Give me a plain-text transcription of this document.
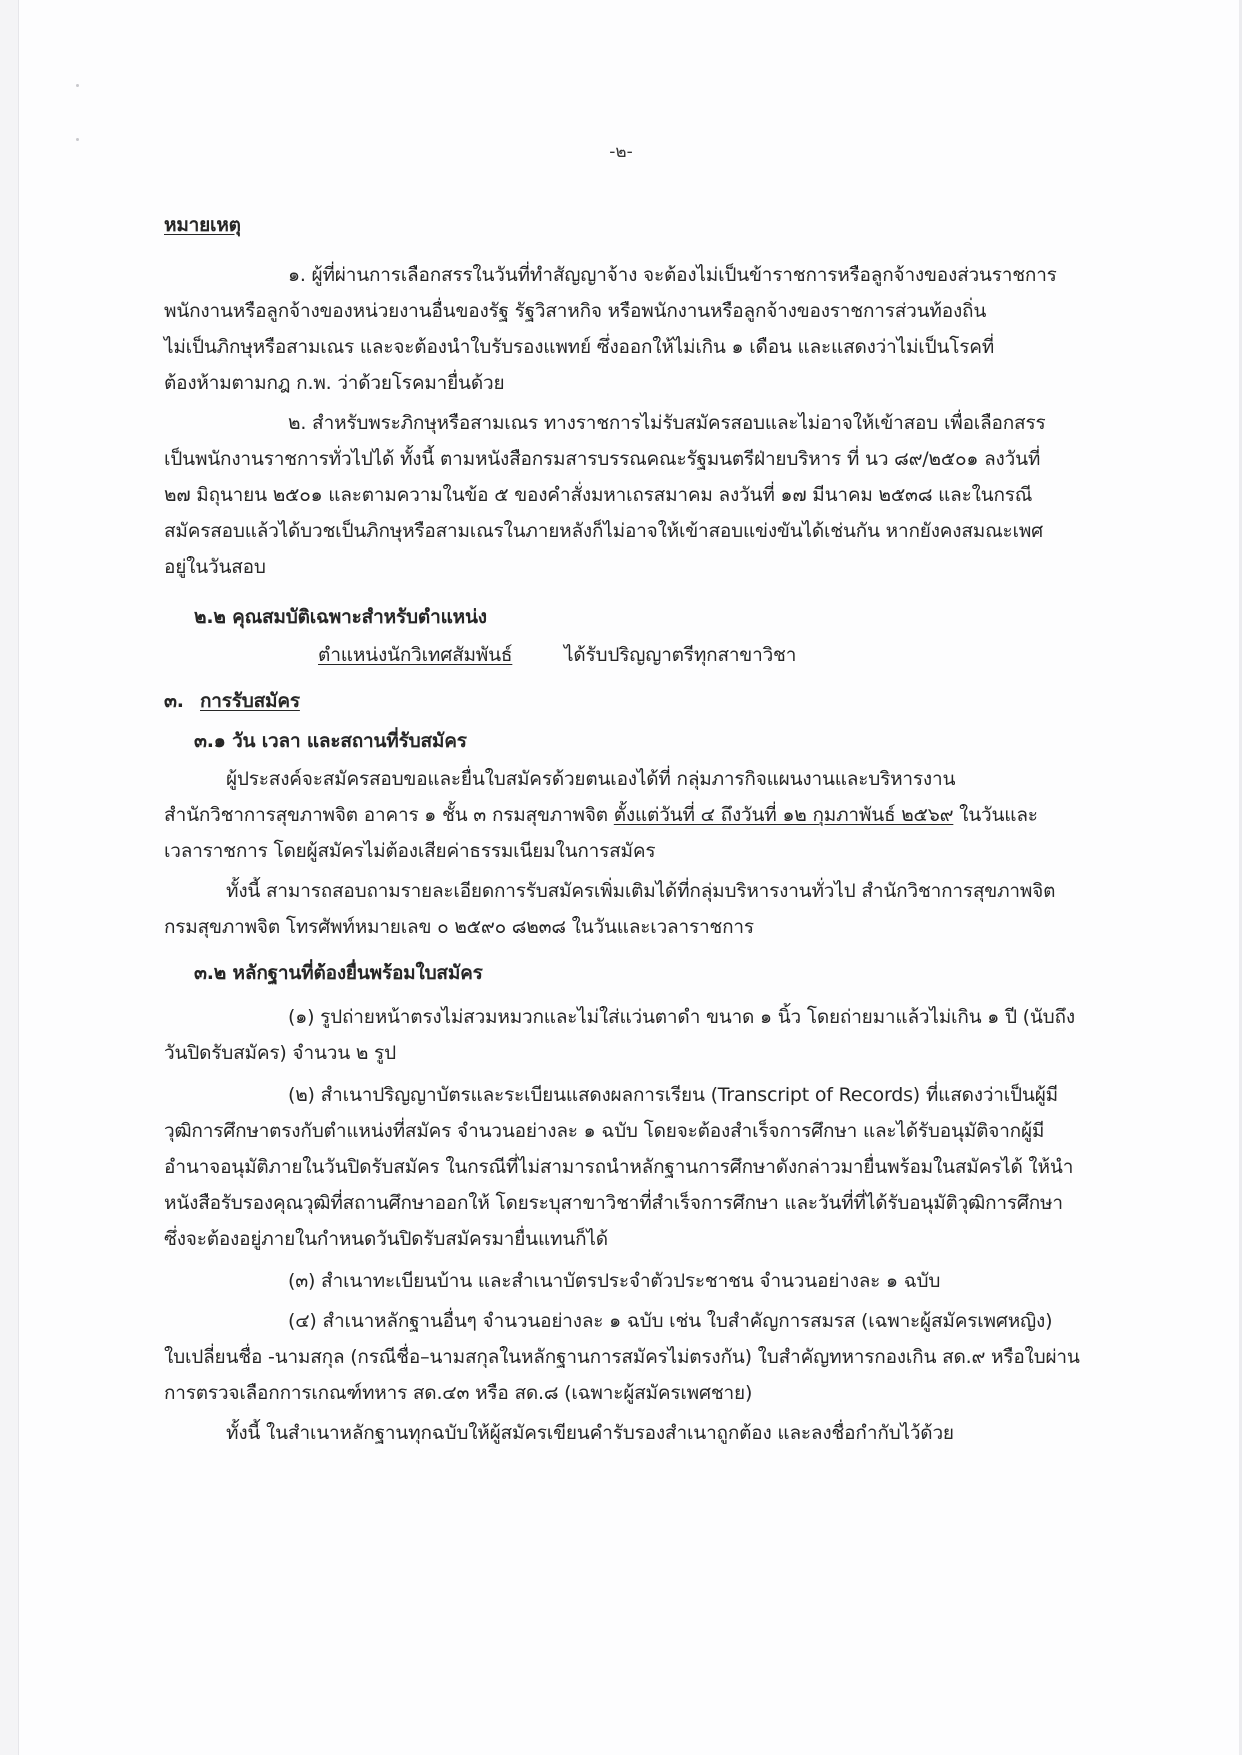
-๒-
หมายเหตุ
๑. ผู้ที่ผ่านการเลือกสรรในวันที่ทำสัญญาจ้าง จะต้องไม่เป็นข้าราชการหรือลูกจ้างของส่วนราชการ
พนักงานหรือลูกจ้างของหน่วยงานอื่นของรัฐ รัฐวิสาหกิจ หรือพนักงานหรือลูกจ้างของราชการส่วนท้องถิ่น
ไม่เป็นภิกษุหรือสามเณร และจะต้องนำใบรับรองแพทย์ ซึ่งออกให้ไม่เกิน ๑ เดือน และแสดงว่าไม่เป็นโรคที่
ต้องห้ามตามกฎ ก.พ. ว่าด้วยโรคมายื่นด้วย
๒. สำหรับพระภิกษุหรือสามเณร ทางราชการไม่รับสมัครสอบและไม่อาจให้เข้าสอบ เพื่อเลือกสรร
เป็นพนักงานราชการทั่วไปได้ ทั้งนี้ ตามหนังสือกรมสารบรรณคณะรัฐมนตรีฝ่ายบริหาร ที่ นว ๘๙/๒๕๐๑ ลงวันที่
๒๗ มิถุนายน ๒๕๐๑ และตามความในข้อ ๕ ของคำสั่งมหาเถรสมาคม ลงวันที่ ๑๗ มีนาคม ๒๕๓๘ และในกรณี
สมัครสอบแล้วได้บวชเป็นภิกษุหรือสามเณรในภายหลังก็ไม่อาจให้เข้าสอบแข่งขันได้เช่นกัน หากยังคงสมณะเพศ
อยู่ในวันสอบ
๒.๒ คุณสมบัติเฉพาะสำหรับตำแหน่ง
ตำแหน่งนักวิเทศสัมพันธ์	ได้รับปริญญาตรีทุกสาขาวิชา
๓. การรับสมัคร
๓.๑ วัน เวลา และสถานที่รับสมัคร
ผู้ประสงค์จะสมัครสอบขอและยื่นใบสมัครด้วยตนเองได้ที่ กลุ่มภารกิจแผนงานและบริหารงาน
สำนักวิชาการสุขภาพจิต อาคาร ๑ ชั้น ๓ กรมสุขภาพจิต ตั้งแต่วันที่ ๔ ถึงวันที่ ๑๒ กุมภาพันธ์ ๒๕๖๙ ในวันและ
เวลาราชการ โดยผู้สมัครไม่ต้องเสียค่าธรรมเนียมในการสมัคร
ทั้งนี้ สามารถสอบถามรายละเอียดการรับสมัครเพิ่มเติมได้ที่กลุ่มบริหารงานทั่วไป สำนักวิชาการสุขภาพจิต
กรมสุขภาพจิต โทรศัพท์หมายเลข ๐ ๒๕๙๐ ๘๒๓๘ ในวันและเวลาราชการ
๓.๒ หลักฐานที่ต้องยื่นพร้อมใบสมัคร
(๑) รูปถ่ายหน้าตรงไม่สวมหมวกและไม่ใส่แว่นตาดำ ขนาด ๑ นิ้ว โดยถ่ายมาแล้วไม่เกิน ๑ ปี (นับถึง
วันปิดรับสมัคร) จำนวน ๒ รูป
(๒) สำเนาปริญญาบัตรและระเบียนแสดงผลการเรียน (Transcript of Records) ที่แสดงว่าเป็นผู้มี
วุฒิการศึกษาตรงกับตำแหน่งที่สมัคร จำนวนอย่างละ ๑ ฉบับ โดยจะต้องสำเร็จการศึกษา และได้รับอนุมัติจากผู้มี
อำนาจอนุมัติภายในวันปิดรับสมัคร ในกรณีที่ไม่สามารถนำหลักฐานการศึกษาดังกล่าวมายื่นพร้อมในสมัครได้ ให้นำ
หนังสือรับรองคุณวุฒิที่สถานศึกษาออกให้ โดยระบุสาขาวิชาที่สำเร็จการศึกษา และวันที่ที่ได้รับอนุมัติวุฒิการศึกษา
ซึ่งจะต้องอยู่ภายในกำหนดวันปิดรับสมัครมายื่นแทนก็ได้
(๓) สำเนาทะเบียนบ้าน และสำเนาบัตรประจำตัวประชาชน จำนวนอย่างละ ๑ ฉบับ
(๔) สำเนาหลักฐานอื่นๆ จำนวนอย่างละ ๑ ฉบับ เช่น ใบสำคัญการสมรส (เฉพาะผู้สมัครเพศหญิง)
ใบเปลี่ยนชื่อ -นามสกุล (กรณีชื่อ–นามสกุลในหลักฐานการสมัครไม่ตรงกัน) ใบสำคัญทหารกองเกิน สด.๙ หรือใบผ่าน
การตรวจเลือกการเกณฑ์ทหาร สด.๔๓ หรือ สด.๘ (เฉพาะผู้สมัครเพศชาย)
ทั้งนี้ ในสำเนาหลักฐานทุกฉบับให้ผู้สมัครเขียนคำรับรองสำเนาถูกต้อง และลงชื่อกำกับไว้ด้วย
